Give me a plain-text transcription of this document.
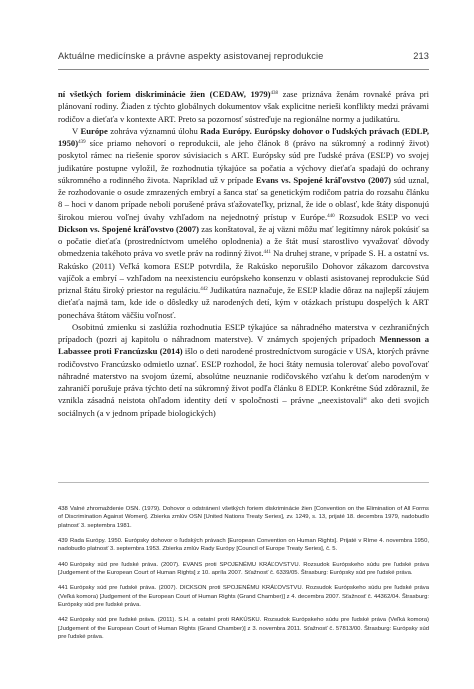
Aktuálne medicínske a právne aspekty asistovanej reprodukcie	213

ní všetkých foriem diskriminácie žien (CEDAW, 1979)$^{438}$ zase priznáva ženám rovnaké práva pri plánovaní rodiny. Žiaden z týchto globálnych dokumentov však explicitne nerieši konflikty medzi právami rodičov a dieťaťa v kontexte ART. Preto sa pozornosť sústreďuje na regionálne normy a judikatúru.

V Európe zohráva významnú úlohu Rada Európy. Európsky dohovor o ľudských právach (EDLP, 1950)$^{439}$ síce priamo nehovorí o reprodukcii, ale jeho článok 8 (právo na súkromný a rodinný život) poskytol rámec na riešenie sporov súvisiacich s ART. Európsky súd pre ľudské práva (ESĽP) vo svojej judikatúre postupne vyložil, že rozhodnutia týkajúce sa počatia a výchovy dieťaťa spadajú do ochrany súkromného a rodinného života. Napríklad už v prípade Evans vs. Spojené kráľovstvo (2007) súd uznal, že rozhodovanie o osude zmrazených embryí a šanca stať sa genetickým rodičom patria do rozsahu článku 8 – hoci v danom prípade neboli porušené práva sťažovateľky, priznal, že ide o oblasť, kde štáty disponujú širokou mierou voľnej úvahy vzhľadom na nejednotný prístup v Európe.$^{440}$ Rozsudok ESĽP vo veci Dickson vs. Spojené kráľovstvo (2007) zas konštatoval, že aj väzni môžu mať legitímny nárok pokúsiť sa o počatie dieťaťa (prostredníctvom umelého oplodnenia) a že štát musí starostlivo vyvažovať dôvody obmedzenia takéhoto práva vo svetle práv na rodinný život.$^{441}$ Na druhej strane, v prípade S. H. a ostatní vs. Rakúsko (2011) Veľká komora ESĽP potvrdila, že Rakúsko neporušilo Dohovor zákazom darcovstva vajíčok a embryí – vzhľadom na neexistenciu európskeho konsenzu v oblasti asistovanej reprodukcie Súd priznal štátu široký priestor na reguláciu.$^{442}$ Judikatúra naznačuje, že ESĽP kladie dôraz na najlepší záujem dieťaťa najmä tam, kde ide o dôsledky už narodených detí, kým v otázkach prístupu dospelých k ART ponecháva štátom väčšiu voľnosť.

Osobitnú zmienku si zaslúžia rozhodnutia ESĽP týkajúce sa náhradného materstva v cezhraničných prípadoch (pozri aj kapitolu o náhradnom materstve). V známych spojených prípadoch Mennesson a Labassee proti Francúzsku (2014) išlo o deti narodené prostredníctvom surogácie v USA, ktorých právne rodičovstvo Francúzsko odmietlo uznať. ESĽP rozhodol, že hoci štáty nemusia tolerovať alebo povoľovať náhradné materstvo na svojom území, absolútne neuznanie rodičovského vzťahu k deťom narodeným v zahraničí porušuje práva týchto detí na súkromný život podľa článku 8 EDĽP. Konkrétne Súd zdôraznil, že vznikla zásadná neistota ohľadom identity detí v spoločnosti – právne „neexistovali“ ako deti svojich sociálnych (a v jednom prípade biologických)

438 Valné zhromaždenie OSN. (1979). Dohovor o odstránení všetkých foriem diskriminácie žien [Convention on the Elimination of All Forms of Discrimination Against Women]. Zbierka zmlúv OSN [United Nations Treaty Series], zv. 1249, s. 13, prijaté 18. decembra 1979, nadobudlo platnosť 3. septembra 1981.

439 Rada Európy. 1950. Európsky dohovor o ľudských právach [European Convention on Human Rights]. Prijaté v Ríme 4. novembra 1950, nadobudlo platnosť 3. septembra 1953. Zbierka zmlúv Rady Európy [Council of Europe Treaty Series], č. 5.

440 Európsky súd pre ľudské práva. (2007). EVANS proti SPOJENÉMU KRÁĽOVSTVU. Rozsudok Európskeho súdu pre ľudské práva [Judgement of the European Court of Human Rights] z 10. apríla 2007. Sťažnosť č. 6339/05. Štrasburg: Európsky súd pre ľudské práva.

441 Európsky súd pre ľudské práva. (2007). DICKSON proti SPOJENÉMU KRÁĽOVSTVU. Rozsudok Európskeho súdu pre ľudské práva (Veľká komora) [Judgement of the European Court of Human Rights (Grand Chamber)] z 4. decembra 2007. Sťažnosť č. 44362/04. Štrasburg: Európsky súd pre ľudské práva.

442 Európsky súd pre ľudské práva. (2011). S.H. a ostatní proti RAKÚSKU. Rozsudok Európskeho súdu pre ľudské práva (Veľká komora) [Judgement of the European Court of Human Rights (Grand Chamber)] z 3. novembra 2011. Sťažnosť č. 57813/00. Štrasburg: Európsky súd pre ľudské práva.
